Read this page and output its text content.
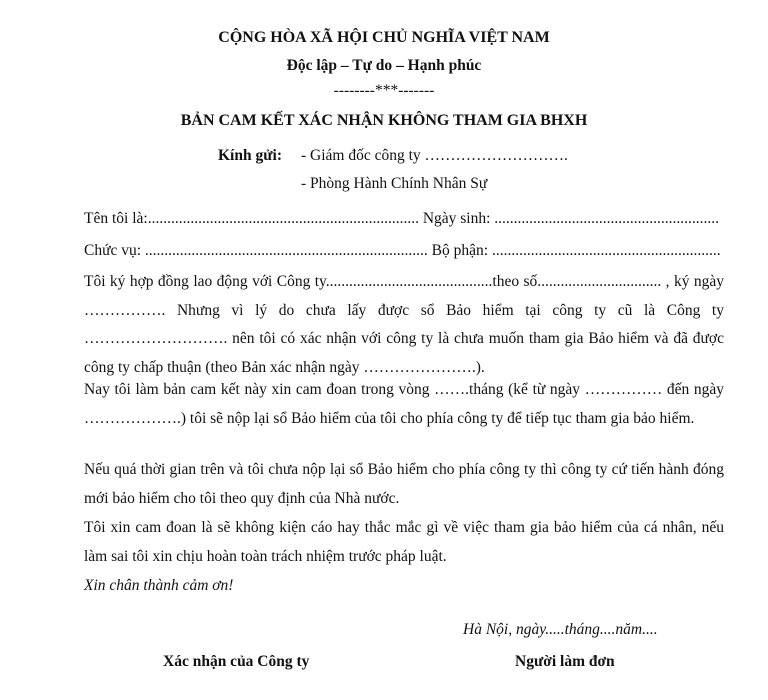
CỘNG HÒA XÃ HỘI CHỦ NGHĨA VIỆT NAM
Độc lập – Tự do – Hạnh phúc
--------***-------
BẢN CAM KẾT XÁC NHẬN KHÔNG THAM GIA BHXH
Kính gửi: - Giám đốc công ty ……………………….
- Phòng Hành Chính Nhân Sự
Tên tôi là:...................................................................... Ngày sinh: ..........................................................
Chức vụ: ......................................................................... Bộ phận: ...........................................................
Tôi ký hợp đồng lao động với Công ty...........................................theo số................................ , ký ngày ……………. Nhưng vì lý do chưa lấy được sổ Bảo hiểm tại công ty cũ là Công ty ………………………. nên tôi có xác nhận với công ty là chưa muốn tham gia Bảo hiểm và đã được công ty chấp thuận (theo Bản xác nhận ngày ………………….).
Nay tôi làm bản cam kết này xin cam đoan trong vòng …….tháng (kể từ ngày …………… đến ngày ……………….) tôi sẽ nộp lại sổ Bảo hiểm của tôi cho phía công ty để tiếp tục tham gia bảo hiểm.
Nếu quá thời gian trên và tôi chưa nộp lại sổ Bảo hiểm cho phía công ty thì công ty cứ tiến hành đóng mới bảo hiểm cho tôi theo quy định của Nhà nước.
Tôi xin cam đoan là sẽ không kiện cáo hay thắc mắc gì về việc tham gia bảo hiểm của cá nhân, nếu làm sai tôi xin chịu hoàn toàn trách nhiệm trước pháp luật.
Xin chân thành cảm ơn!
Hà Nội, ngày.....tháng....năm....
Xác nhận của Công ty	Người làm đơn
